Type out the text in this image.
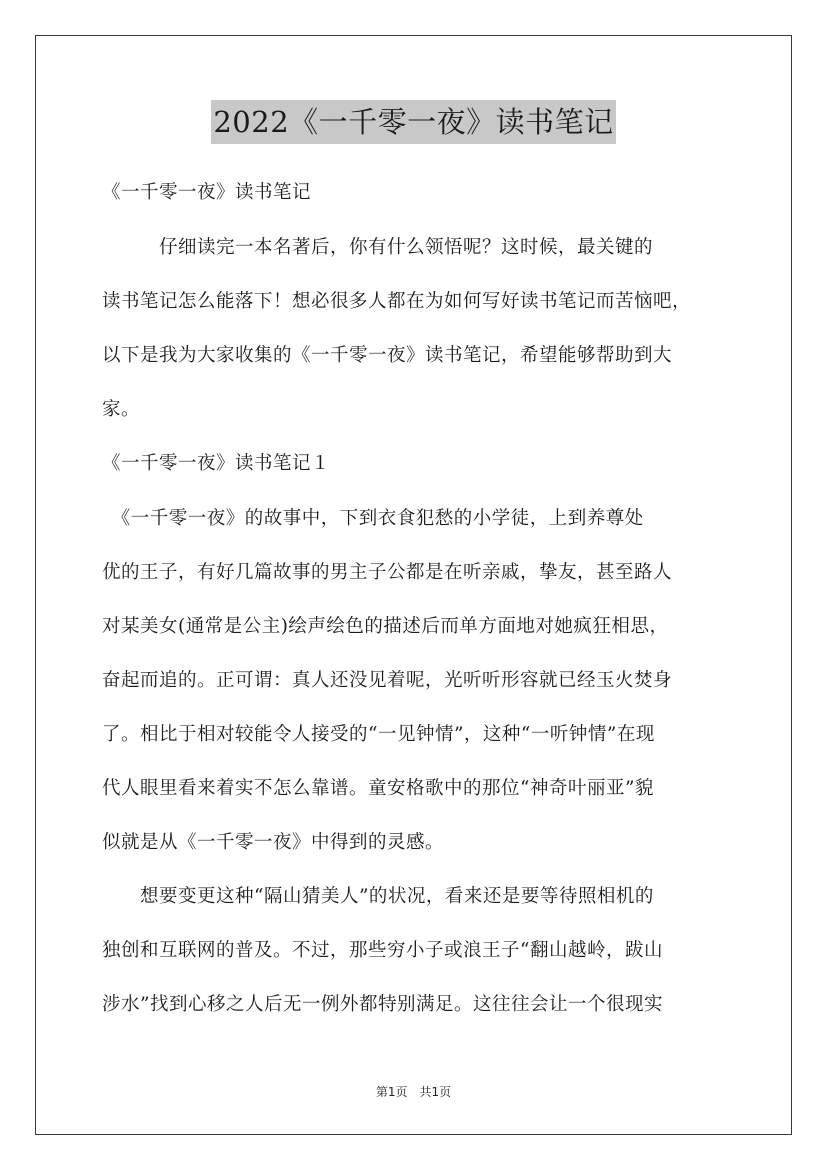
2022《一千零一夜》读书笔记
《一千零一夜》读书笔记
　　　仔细读完一本名著后，你有什么领悟呢？这时候，最关键的
读书笔记怎么能落下！想必很多人都在为如何写好读书笔记而苦恼吧，
以下是我为大家收集的《一千零一夜》读书笔记，希望能够帮助到大
家。
《一千零一夜》读书笔记１
　《一千零一夜》的故事中，下到衣食犯愁的小学徒，上到养尊处
优的王子，有好几篇故事的男主子公都是在听亲戚，挚友，甚至路人
对某美女(通常是公主)绘声绘色的描述后而单方面地对她疯狂相思，
奋起而追的。正可谓：真人还没见着呢，光听听形容就已经玉火焚身
了。相比于相对较能令人接受的“一见钟情”，这种“一听钟情”在现
代人眼里看来着实不怎么靠谱。童安格歌中的那位“神奇叶丽亚”貌
似就是从《一千零一夜》中得到的灵感。
　　想要变更这种“隔山猜美人”的状况，看来还是要等待照相机的
独创和互联网的普及。不过，那些穷小子或浪王子“翻山越岭，跋山
涉水”找到心移之人后无一例外都特别满足。这往往会让一个很现实
第1页　共1页
